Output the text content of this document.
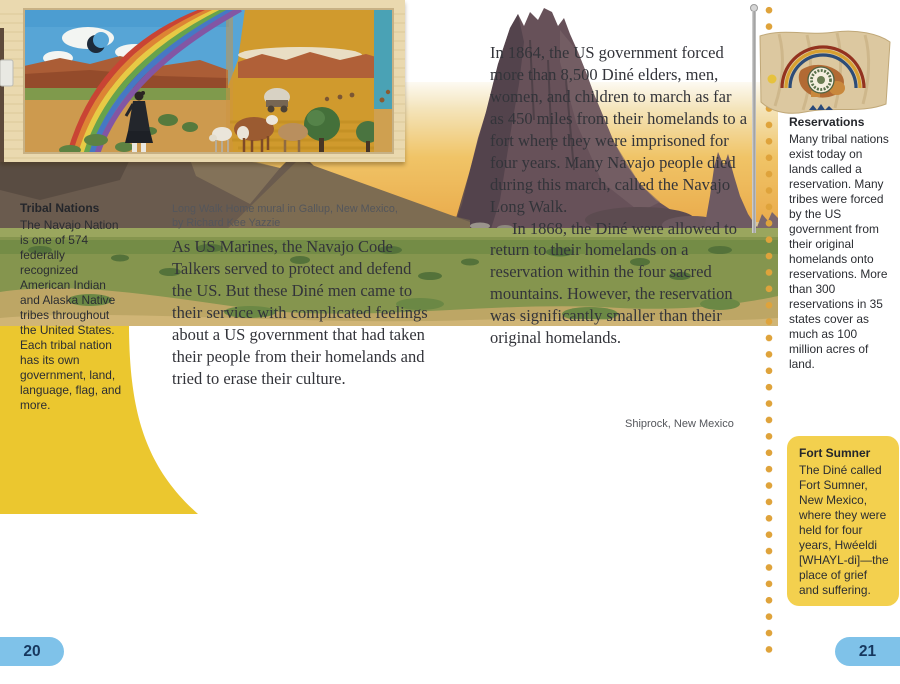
Long Walk Home mural in Gallup, New Mexico, by Richard Kee Yazzie
Tribal Nations

The Navajo Nation is one of 574 federally recognized American Indian and Alaska Native tribes throughout the United States. Each tribal nation has its own government, land, language, flag, and more.

As US Marines, the Navajo Code Talkers served to protect and defend the US. But these Diné men came to their service with complicated feelings about a US government that had taken their people from their homelands and tried to erase their culture.

In 1864, the US government forced more than 8,500 Diné elders, men, women, and children to march as far as 450 miles from their homelands to a fort where they were imprisoned for four years. Many Navajo people died during this march, called the Navajo Long Walk.

In 1868, the Diné were allowed to return to their homelands on a reservation within the four sacred mountains. However, the reservation was significantly smaller than their original homelands.

Shiprock, New Mexico
Reservations

Many tribal nations exist today on lands called a reservation. Many tribes were forced by the US government from their original homelands onto reservations. More than 300 reservations in 35 states cover as much as 100 million acres of land.

Fort Sumner

The Diné called Fort Sumner, New Mexico, where they were held for four years, Hwéeldi [WHAYL-di]—the place of grief and suffering.

20	21
